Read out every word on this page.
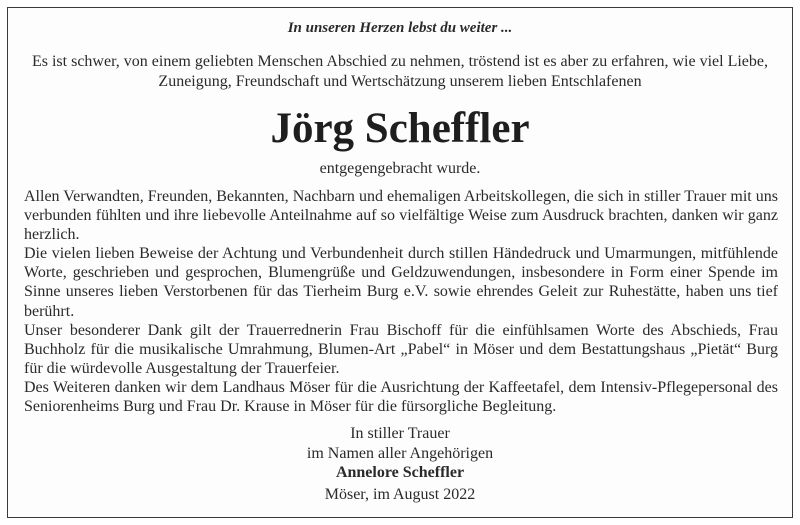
In unseren Herzen lebst du weiter ...
Es ist schwer, von einem geliebten Menschen Abschied zu nehmen, tröstend ist es aber zu erfahren, wie viel Liebe, Zuneigung, Freundschaft und Wertschätzung unserem lieben Entschlafenen
Jörg Scheffler
entgegengebracht wurde.

Allen Verwandten, Freunden, Bekannten, Nachbarn und ehemaligen Arbeitskollegen, die sich in stiller Trauer mit uns verbunden fühlten und ihre liebevolle Anteilnahme auf so vielfältige Weise zum Ausdruck brachten, danken wir ganz herzlich.

Die vielen lieben Beweise der Achtung und Verbundenheit durch stillen Händedruck und Umarmungen, mitfühlende Worte, geschrieben und gesprochen, Blumengrüße und Geldzuwendungen, insbesondere in Form einer Spende im Sinne unseres lieben Verstorbenen für das Tierheim Burg e.V. sowie ehrendes Geleit zur Ruhestätte, haben uns tief berührt.

Unser besonderer Dank gilt der Trauerrednerin Frau Bischoff für die einfühlsamen Worte des Abschieds, Frau Buchholz für die musikalische Umrahmung, Blumen-Art „Pabel“ in Möser und dem Bestattungshaus „Pietät“ Burg für die würdevolle Ausgestaltung der Trauerfeier.

Des Weiteren danken wir dem Landhaus Möser für die Ausrichtung der Kaffeetafel, dem Intensiv-Pflegepersonal des Seniorenheims Burg und Frau Dr. Krause in Möser für die fürsorgliche Begleitung.

In stiller Trauer
im Namen aller Angehörigen
Annelore Scheffler
Möser, im August 2022
